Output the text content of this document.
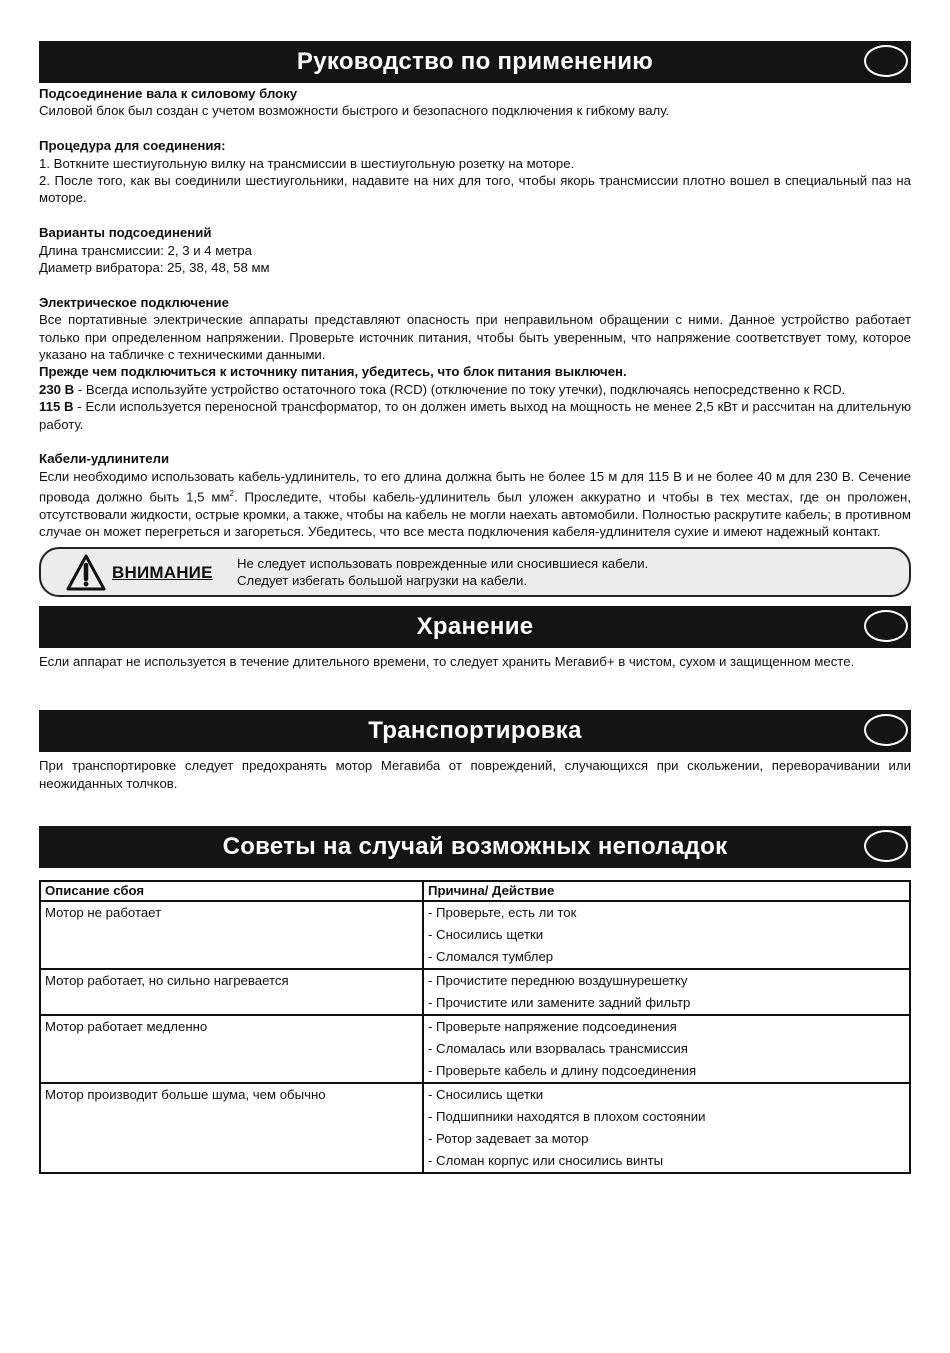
Руководство по применению

Подсоединение вала к силовому блоку

Силовой блок был создан с учетом возможности быстрого и безопасного подключения к гибкому валу.

Процедура для соединения:

1. Воткните шестиугольную вилку на трансмиссии в шестиугольную розетку на моторе.

2. После того, как вы соединили шестиугольники, надавите на них для того, чтобы якорь трансмиссии плотно вошел в специальный паз на моторе.

Варианты подсоединений

Длина трансмиссии: 2, 3 и 4 метра

Диаметр вибратора: 25, 38, 48, 58 мм

Электрическое подключение

Все портативные электрические аппараты представляют опасность при неправильном обращении с ними. Данное устройство работает только при определенном напряжении. Проверьте источник питания, чтобы быть уверенным, что напряжение соответствует тому, которое указано на табличке с техническими данными.

Прежде чем подключиться к источнику питания, убедитесь, что блок питания выключен.

230 В - Всегда используйте устройство остаточного тока (RCD) (отключение по току утечки), подключаясь непосредственно к RCD.

115 В - Если используется переносной трансформатор, то он должен иметь выход на мощность не менее 2,5 кВт и рассчитан на длительную работу.

Кабели-удлинители

Если необходимо использовать кабель-удлинитель, то его длина должна быть не более 15 м для 115 В и не более 40 м для 230 В. Сечение провода должно быть 1,5 $мм^2$. Проследите, чтобы кабель-удлинитель был уложен аккуратно и чтобы в тех местах, где он проложен, отсутствовали жидкости, острые кромки, а также, чтобы на кабель не могли наехать автомобили. Полностью раскрутите кабель; в противном случае он может перегреться и загореться. Убедитесь, что все места подключения кабеля-удлинителя сухие и имеют надежный контакт.

ВНИМАНИЕ Не следует использовать поврежденные или сносившиеся кабели.
Следует избегать большой нагрузки на кабели.
Хранение

Если аппарат не используется в течение длительного времени, то следует хранить Мегавиб+ в чистом, сухом и защищенном месте.

Транспортировка

При транспортировке следует предохранять мотор Мегавиба от повреждений, случающихся при скольжении, переворачивании или неожиданных толчков.

Советы на случай возможных неполадок
Описание сбоя	Причина/ Действие

Мотор не работает	- Проверьте, есть ли ток
- Сносились щетки
- Сломался тумблер

Мотор работает, но сильно нагревается	- Прочистите переднюю воздушнурешетку
- Прочистите или замените задний фильтр

Мотор работает медленно	- Проверьте напряжение подсоединения
- Сломалась или взорвалась трансмиссия
- Проверьте кабель и длину подсоединения

Мотор производит больше шума, чем обычно	- Сносились щетки
- Подшипники находятся в плохом состоянии
- Ротор задевает за мотор
- Сломан корпус или сносились винты
